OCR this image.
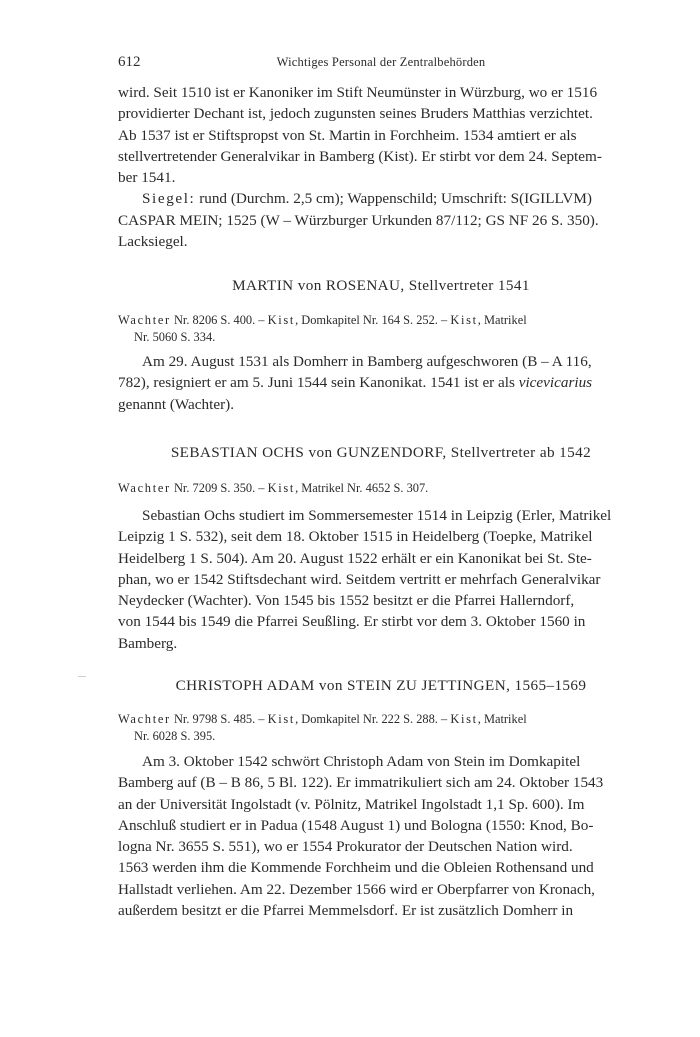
612	Wichtiges Personal der Zentralbehörden
wird. Seit 1510 ist er Kanoniker im Stift Neumünster in Würzburg, wo er 1516
providierter Dechant ist, jedoch zugunsten seines Bruders Matthias verzichtet.
Ab 1537 ist er Stiftspropst von St. Martin in Forchheim. 1534 amtiert er als
stellvertretender Generalvikar in Bamberg (Kist). Er stirbt vor dem 24. Septem-
ber 1541.
Siegel: rund (Durchm. 2,5 cm); Wappenschild; Umschrift: S(IGILLVM)
CASPAR MEIN; 1525 (W – Würzburger Urkunden 87/112; GS NF 26 S. 350).
Lacksiegel.
MARTIN von ROSENAU, Stellvertreter 1541
Wachter Nr. 8206 S. 400. – Kist, Domkapitel Nr. 164 S. 252. – Kist, Matrikel
Nr. 5060 S. 334.
Am 29. August 1531 als Domherr in Bamberg aufgeschworen (B – A 116,
782), resigniert er am 5. Juni 1544 sein Kanonikat. 1541 ist er als vicevicarius
genannt (Wachter).
SEBASTIAN OCHS von GUNZENDORF, Stellvertreter ab 1542
Wachter Nr. 7209 S. 350. – Kist, Matrikel Nr. 4652 S. 307.
Sebastian Ochs studiert im Sommersemester 1514 in Leipzig (Erler, Matrikel
Leipzig 1 S. 532), seit dem 18. Oktober 1515 in Heidelberg (Toepke, Matrikel
Heidelberg 1 S. 504). Am 20. August 1522 erhält er ein Kanonikat bei St. Ste-
phan, wo er 1542 Stiftsdechant wird. Seitdem vertritt er mehrfach Generalvikar
Neydecker (Wachter). Von 1545 bis 1552 besitzt er die Pfarrei Hallerndorf,
von 1544 bis 1549 die Pfarrei Seußling. Er stirbt vor dem 3. Oktober 1560 in
Bamberg.
CHRISTOPH ADAM von STEIN ZU JETTINGEN, 1565–1569
Wachter Nr. 9798 S. 485. – Kist, Domkapitel Nr. 222 S. 288. – Kist, Matrikel
Nr. 6028 S. 395.
Am 3. Oktober 1542 schwört Christoph Adam von Stein im Domkapitel
Bamberg auf (B – B 86, 5 Bl. 122). Er immatrikuliert sich am 24. Oktober 1543
an der Universität Ingolstadt (v. Pölnitz, Matrikel Ingolstadt 1,1 Sp. 600). Im
Anschluß studiert er in Padua (1548 August 1) und Bologna (1550: Knod, Bo-
logna Nr. 3655 S. 551), wo er 1554 Prokurator der Deutschen Nation wird.
1563 werden ihm die Kommende Forchheim und die Obleien Rothensand und
Hallstadt verliehen. Am 22. Dezember 1566 wird er Oberpfarrer von Kronach,
außerdem besitzt er die Pfarrei Memmelsdorf. Er ist zusätzlich Domherr in
